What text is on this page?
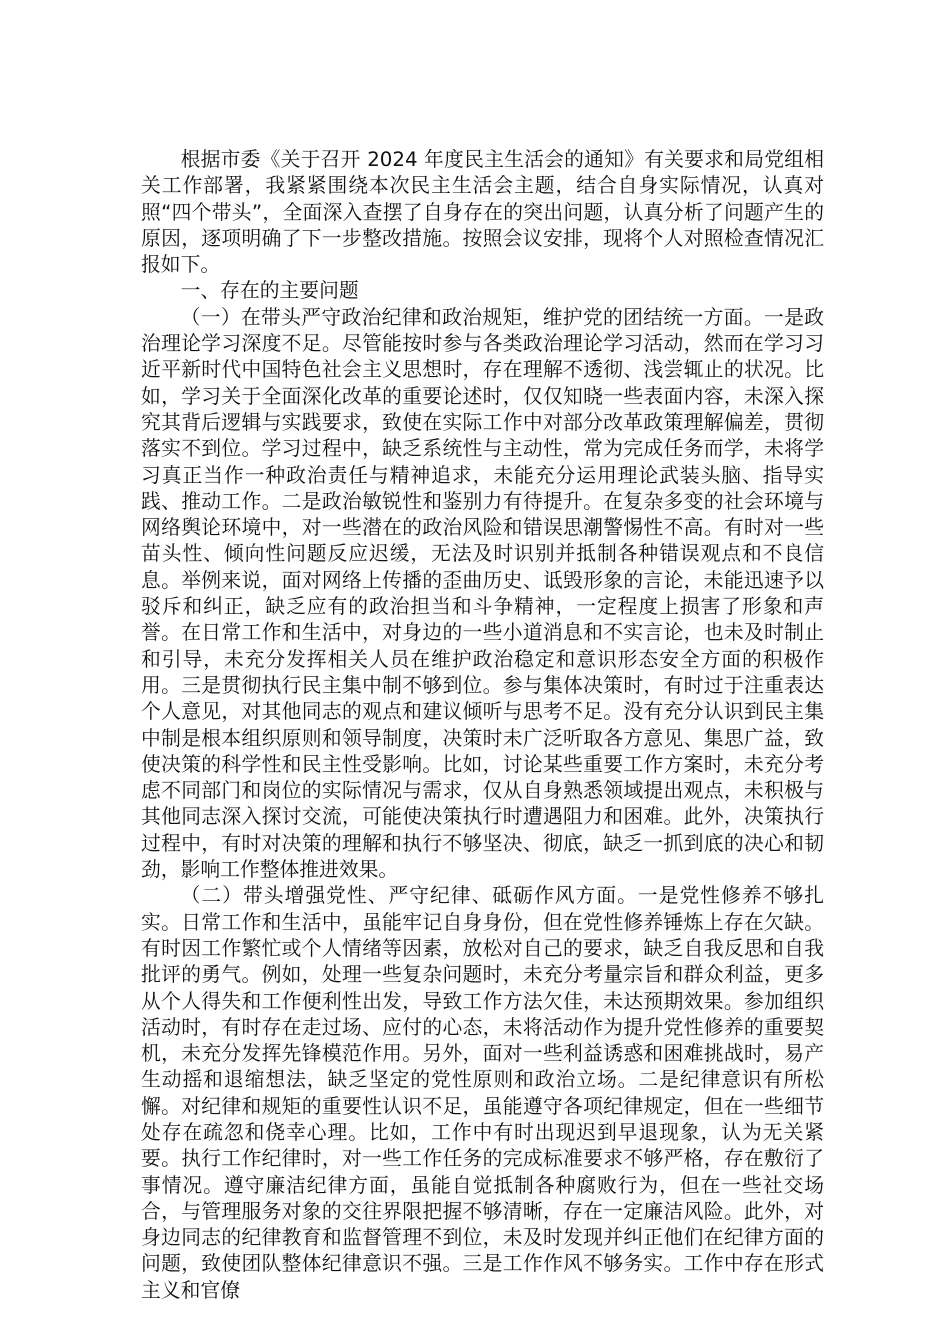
根据市委《关于召开 2024 年度民主生活会的通知》有关要求和局党组相关工作部署，我紧紧围绕本次民主生活会主题，结合自身实际情况，认真对照“四个带头”，全面深入查摆了自身存在的突出问题，认真分析了问题产生的原因，逐项明确了下一步整改措施。按照会议安排，现将个人对照检查情况汇报如下。

一、存在的主要问题

（一）在带头严守政治纪律和政治规矩，维护党的团结统一方面。一是政治理论学习深度不足。尽管能按时参与各类政治理论学习活动，然而在学习习近平新时代中国特色社会主义思想时，存在理解不透彻、浅尝辄止的状况。比如，学习关于全面深化改革的重要论述时，仅仅知晓一些表面内容，未深入探究其背后逻辑与实践要求，致使在实际工作中对部分改革政策理解偏差，贯彻落实不到位。学习过程中，缺乏系统性与主动性，常为完成任务而学，未将学习真正当作一种政治责任与精神追求，未能充分运用理论武装头脑、指导实践、推动工作。二是政治敏锐性和鉴别力有待提升。在复杂多变的社会环境与网络舆论环境中，对一些潜在的政治风险和错误思潮警惕性不高。有时对一些苗头性、倾向性问题反应迟缓，无法及时识别并抵制各种错误观点和不良信息。举例来说，面对网络上传播的歪曲历史、诋毁形象的言论，未能迅速予以驳斥和纠正，缺乏应有的政治担当和斗争精神，一定程度上损害了形象和声誉。在日常工作和生活中，对身边的一些小道消息和不实言论，也未及时制止和引导，未充分发挥相关人员在维护政治稳定和意识形态安全方面的积极作用。三是贯彻执行民主集中制不够到位。参与集体决策时，有时过于注重表达个人意见，对其他同志的观点和建议倾听与思考不足。没有充分认识到民主集中制是根本组织原则和领导制度，决策时未广泛听取各方意见、集思广益，致使决策的科学性和民主性受影响。比如，讨论某些重要工作方案时，未充分考虑不同部门和岗位的实际情况与需求，仅从自身熟悉领域提出观点，未积极与其他同志深入探讨交流，可能使决策执行时遭遇阻力和困难。此外，决策执行过程中，有时对决策的理解和执行不够坚决、彻底，缺乏一抓到底的决心和韧劲，影响工作整体推进效果。

（二）带头增强党性、严守纪律、砥砺作风方面。一是党性修养不够扎实。日常工作和生活中，虽能牢记自身身份，但在党性修养锤炼上存在欠缺。有时因工作繁忙或个人情绪等因素，放松对自己的要求，缺乏自我反思和自我批评的勇气。例如，处理一些复杂问题时，未充分考量宗旨和群众利益，更多从个人得失和工作便利性出发，导致工作方法欠佳，未达预期效果。参加组织活动时，有时存在走过场、应付的心态，未将活动作为提升党性修养的重要契机，未充分发挥先锋模范作用。另外，面对一些利益诱惑和困难挑战时，易产生动摇和退缩想法，缺乏坚定的党性原则和政治立场。二是纪律意识有所松懈。对纪律和规矩的重要性认识不足，虽能遵守各项纪律规定，但在一些细节处存在疏忽和侥幸心理。比如，工作中有时出现迟到早退现象，认为无关紧要。执行工作纪律时，对一些工作任务的完成标准要求不够严格，存在敷衍了事情况。遵守廉洁纪律方面，虽能自觉抵制各种腐败行为，但在一些社交场合，与管理服务对象的交往界限把握不够清晰，存在一定廉洁风险。此外，对身边同志的纪律教育和监督管理不到位，未及时发现并纠正他们在纪律方面的问题，致使团队整体纪律意识不强。三是工作作风不够务实。工作中存在形式主义和官僚
